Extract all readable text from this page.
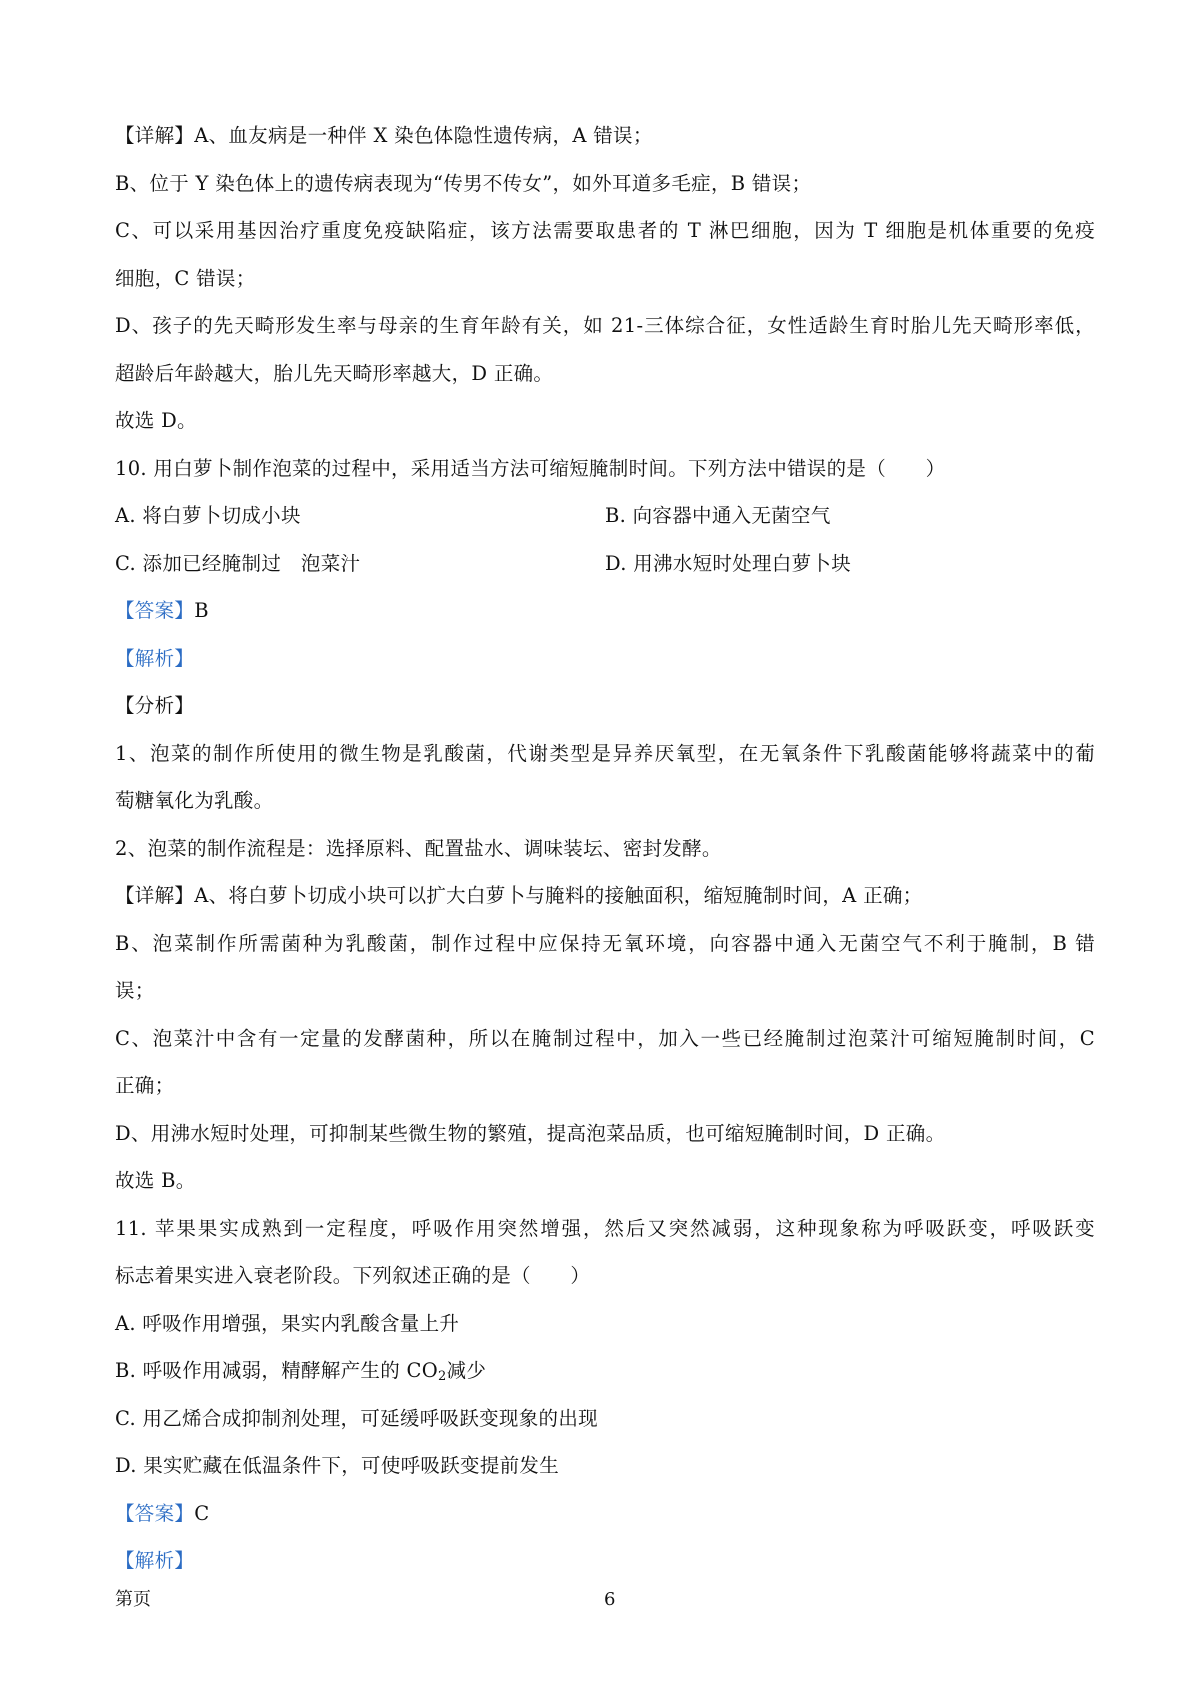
【详解】A、血友病是一种伴 X 染色体隐性遗传病，A 错误；
B、位于 Y 染色体上的遗传病表现为“传男不传女”，如外耳道多毛症，B 错误；
C、可以采用基因治疗重度免疫缺陷症，该方法需要取患者的 T 淋巴细胞，因为 T 细胞是机体重要的免疫
细胞，C 错误；
D、孩子的先天畸形发生率与母亲的生育年龄有关，如 21-三体综合征，女性适龄生育时胎儿先天畸形率低，
超龄后年龄越大，胎儿先天畸形率越大，D 正确。
故选 D。
10. 用白萝卜制作泡菜的过程中，采用适当方法可缩短腌制时间。下列方法中错误的是（　　）
A. 将白萝卜切成小块	B. 向容器中通入无菌空气
C. 添加已经腌制过　泡菜汁	D. 用沸水短时处理白萝卜块
【答案】B
【解析】
【分析】
1、泡菜的制作所使用的微生物是乳酸菌，代谢类型是异养厌氧型，在无氧条件下乳酸菌能够将蔬菜中的葡
萄糖氧化为乳酸。
2、泡菜的制作流程是：选择原料、配置盐水、调味装坛、密封发酵。
【详解】A、将白萝卜切成小块可以扩大白萝卜与腌料的接触面积，缩短腌制时间，A 正确；
B、泡菜制作所需菌种为乳酸菌，制作过程中应保持无氧环境，向容器中通入无菌空气不利于腌制，B 错
误；
C、泡菜汁中含有一定量的发酵菌种，所以在腌制过程中，加入一些已经腌制过泡菜汁可缩短腌制时间，C
正确；
D、用沸水短时处理，可抑制某些微生物的繁殖，提高泡菜品质，也可缩短腌制时间，D 正确。
故选 B。
11. 苹果果实成熟到一定程度，呼吸作用突然增强，然后又突然减弱，这种现象称为呼吸跃变，呼吸跃变
标志着果实进入衰老阶段。下列叙述正确的是（　　）
A. 呼吸作用增强，果实内乳酸含量上升
B. 呼吸作用减弱，精酵解产生的 $CO_2$减少
C. 用乙烯合成抑制剂处理，可延缓呼吸跃变现象的出现
D. 果实贮藏在低温条件下，可使呼吸跃变提前发生
【答案】C
【解析】
第页	6
